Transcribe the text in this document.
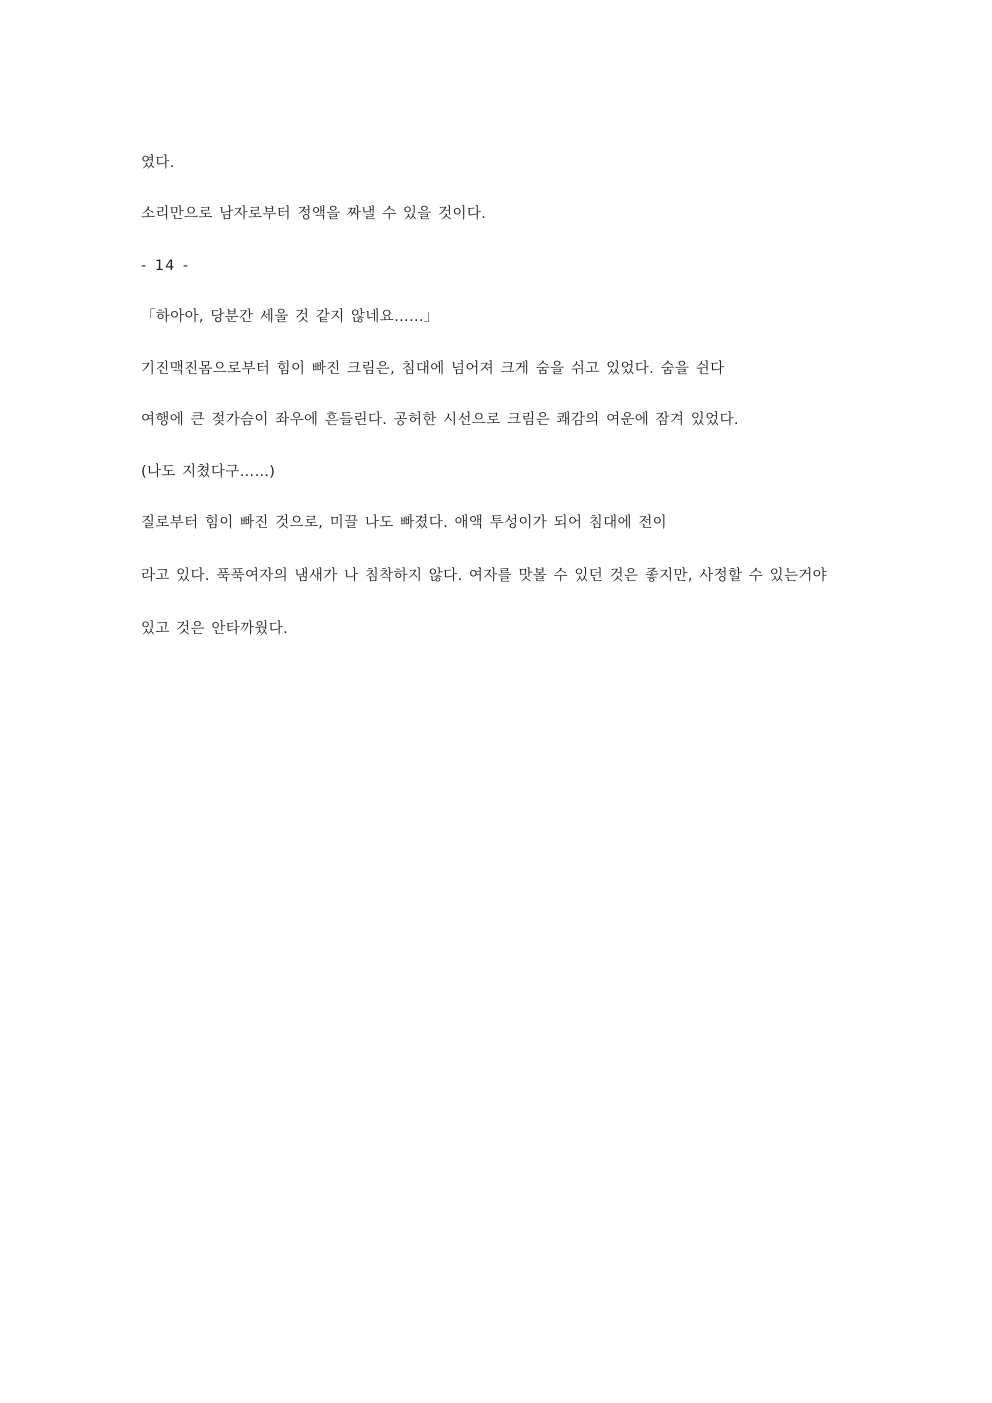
였다.

소리만으로 남자로부터 정액을 짜낼 수 있을 것이다.

- 14 -

「하아아, 당분간 세울 것 같지 않네요……」

기진맥진몸으로부터 힘이 빠진 크림은, 침대에 넘어져 크게 숨을 쉬고 있었다. 숨을 쉰다

여행에 큰 젖가슴이 좌우에 흔들린다. 공허한 시선으로 크림은 쾌감의 여운에 잠겨 있었다.

(나도 지쳤다구……)

질로부터 힘이 빠진 것으로, 미끌 나도 빠졌다. 애액 투성이가 되어 침대에 전이

라고 있다. 푹푹여자의 냄새가 나 침착하지 않다. 여자를 맛볼 수 있던 것은 좋지만, 사정할 수 있는거야

있고 것은 안타까웠다.
